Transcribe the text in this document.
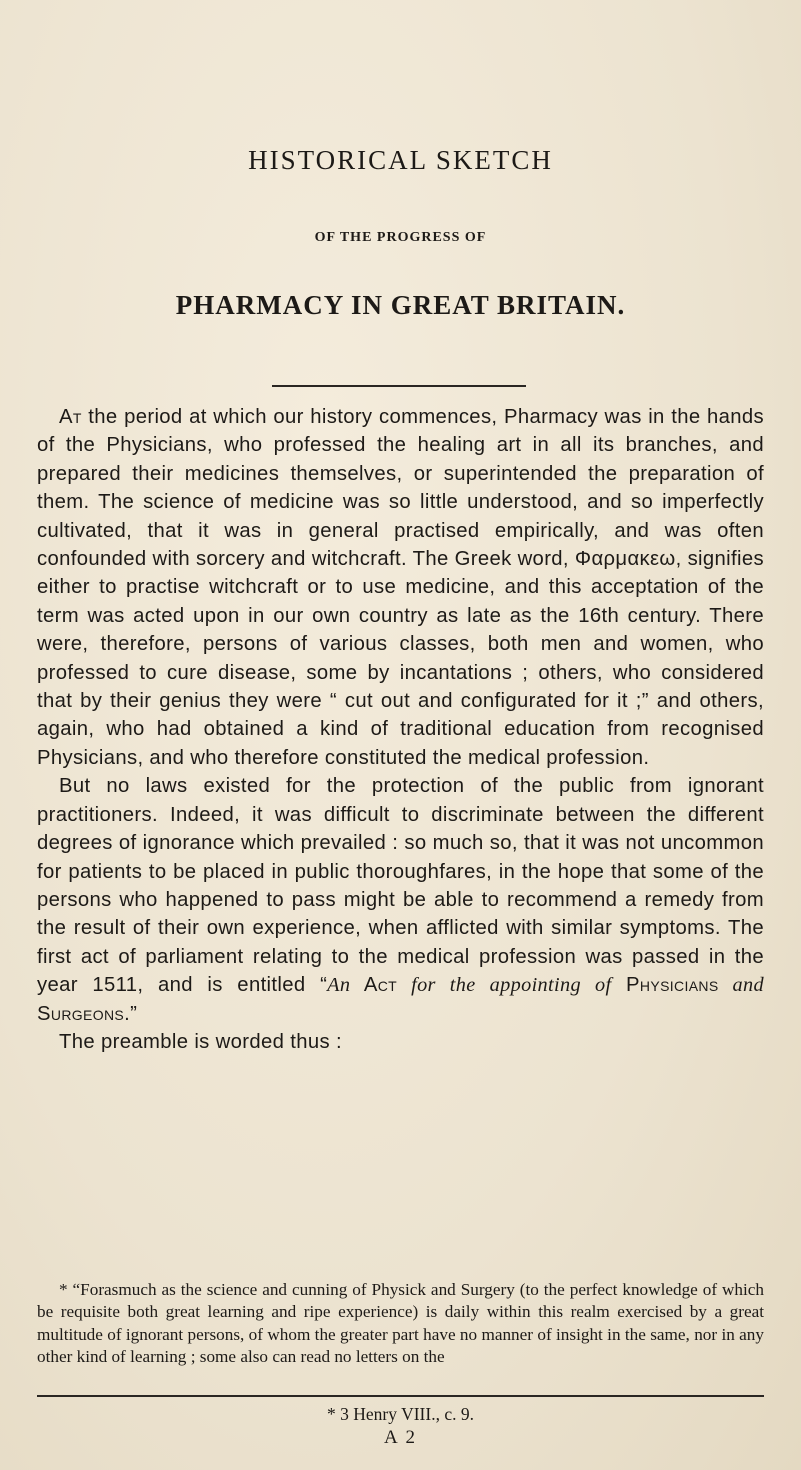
HISTORICAL SKETCH
OF THE PROGRESS OF
PHARMACY IN GREAT BRITAIN.

At the period at which our history commences, Pharmacy was in the hands of the Physicians, who professed the healing art in all its branches, and prepared their medicines themselves, or superintended the preparation of them. The science of medicine was so little understood, and so imperfectly cultivated, that it was in general practised empirically, and was often confounded with sorcery and witchcraft. The Greek word, Φαρμακεω, signifies either to practise witchcraft or to use medicine, and this acceptation of the term was acted upon in our own country as late as the 16th century. There were, therefore, persons of various classes, both men and women, who professed to cure disease, some by incantations ; others, who considered that by their genius they were “ cut out and configurated for it ;” and others, again, who had obtained a kind of traditional education from recognised Physicians, and who therefore constituted the medical profession.

But no laws existed for the protection of the public from ignorant practitioners. Indeed, it was difficult to discriminate between the different degrees of ignorance which prevailed : so much so, that it was not uncommon for patients to be placed in public thoroughfares, in the hope that some of the persons who happened to pass might be able to recommend a remedy from the result of their own experience, when afflicted with similar symptoms. The first act of parliament relating to the medical profession was passed in the year 1511, and is entitled “An Act for the appointing of Physicians and Surgeons.”

The preamble is worded thus :

* “Forasmuch as the science and cunning of Physick and Surgery (to the perfect knowledge of which be requisite both great learning and ripe experience) is daily within this realm exercised by a great multitude of ignorant persons, of whom the greater part have no manner of insight in the same, nor in any other kind of learning ; some also can read no letters on the

* 3 Henry VIII., c. 9.
A 2
